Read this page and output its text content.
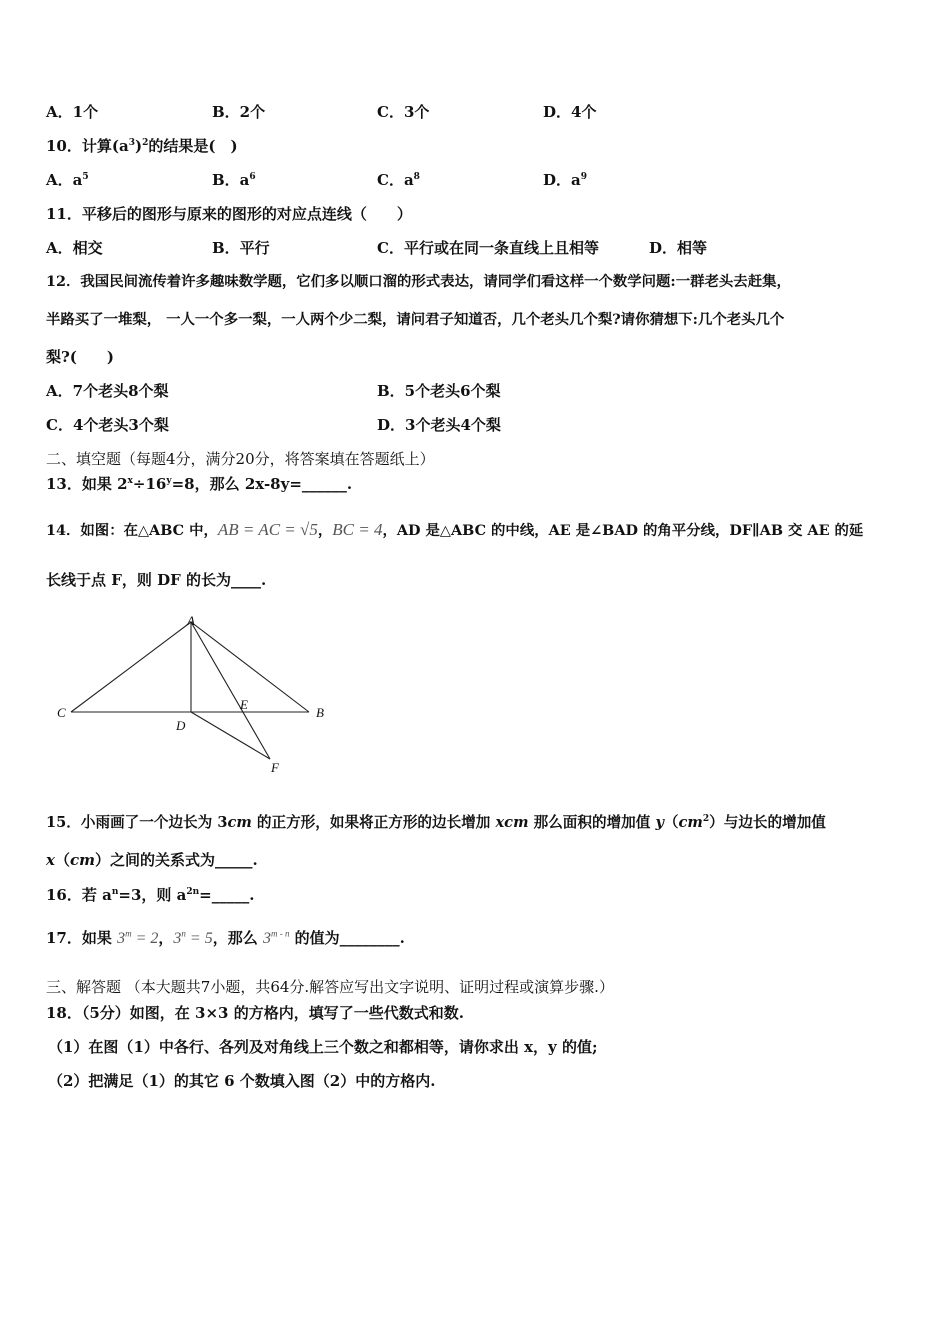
A．1个	B．2个	C．3个	D．4个
10．计算$(a^3)^2$的结果是(　)
A．$a^5$	B．$a^6$	C．$a^8$	D．$a^9$
11．平移后的图形与原来的图形的对应点连线（　　）
A．相交	B．平行	C．平行或在同一条直线上且相等	D．相等
12．我国民间流传着许多趣味数学题，它们多以顺口溜的形式表达，请同学们看这样一个数学问题:一群老头去赶集，
半路买了一堆梨， 一人一个多一梨，一人两个少二梨，请问君子知道否，几个老头几个梨?请你猜想下:几个老头几个
梨?(　　)
A．7个老头8个梨	B．5个老头6个梨
C．4个老头3个梨	D．3个老头4个梨
二、填空题（每题4分，满分20分，将答案填在答题纸上）
13．如果 $2^x\div 16^y=8$，那么 2x-8y=______.
14．如图：在△ABC 中，AB = AC = √5，BC = 4，AD 是△ABC 的中线，AE 是∠BAD 的角平分线，DF∥AB 交 AE 的延
长线于点 F，则 DF 的长为____.
A
B
C
D
E
F
15．小雨画了一个边长为 3cm 的正方形，如果将正方形的边长增加 xcm 那么面积的增加值 $y(cm^2)$与边长的增加值
x（cm）之间的关系式为_____.
16．若 $a^n=3$，则 $a^{2n}=\_\_\_\_\_$.
17．如果 $3^m = 2$，$3^n = 5$，那么 3$^{m - n}$ 的值为________.
三、解答题 （本大题共7小题，共64分.解答应写出文字说明、证明过程或演算步骤.）
18．（5分）如图，在 3×3 的方格内，填写了一些代数式和数.
（1）在图（1）中各行、各列及对角线上三个数之和都相等，请你求出 x，y 的值;
（2）把满足（1）的其它 6 个数填入图（2）中的方格内.
